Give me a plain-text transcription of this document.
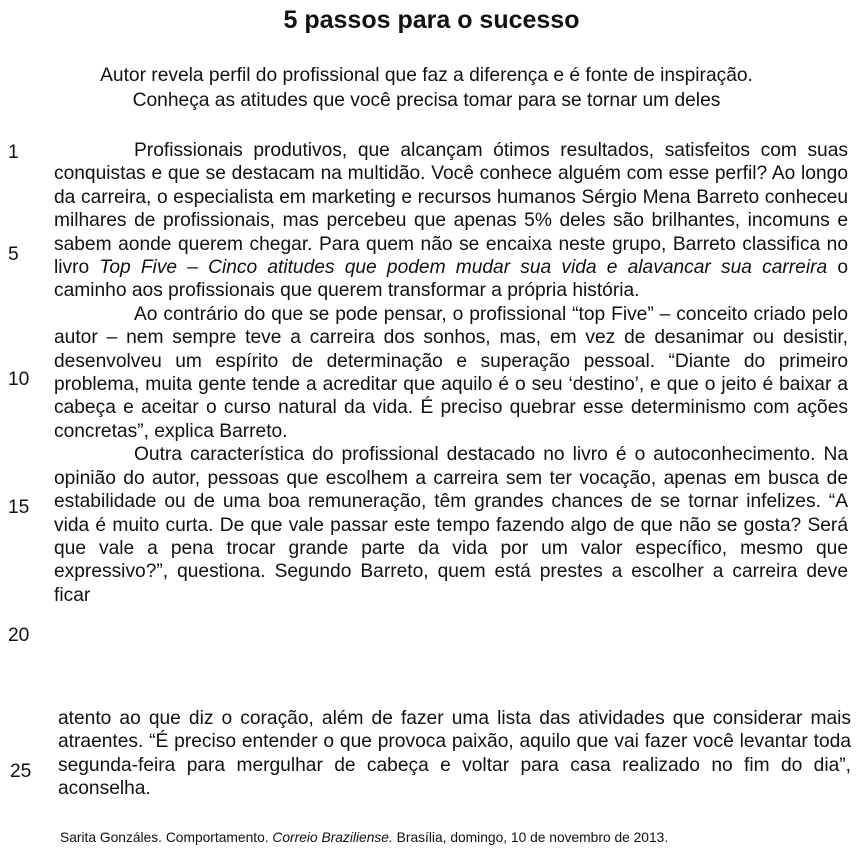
5 passos para o sucesso
Autor revela perfil do profissional que faz a diferença e é fonte de inspiração.
Conheça as atitudes que você precisa tomar para se tornar um deles
1
5
10
15
20
25

Profissionais produtivos, que alcançam ótimos resultados, satisfeitos com suas conquistas e que se destacam na multidão. Você conhece alguém com esse perfil? Ao longo da carreira, o especialista em marketing e recursos humanos Sérgio Mena Barreto conheceu milhares de profissionais, mas percebeu que apenas 5% deles são brilhantes, incomuns e sabem aonde querem chegar. Para quem não se encaixa neste grupo, Barreto classifica no livro Top Five – Cinco atitudes que podem mudar sua vida e alavancar sua carreira o caminho aos profissionais que querem transformar a própria história.

Ao contrário do que se pode pensar, o profissional “top Five” – conceito criado pelo autor – nem sempre teve a carreira dos sonhos, mas, em vez de desanimar ou desistir, desenvolveu um espírito de determinação e superação pessoal. “Diante do primeiro problema, muita gente tende a acreditar que aquilo é o seu ‘destino’, e que o jeito é baixar a cabeça e aceitar o curso natural da vida. É preciso quebrar esse determinismo com ações concretas”, explica Barreto.

Outra característica do profissional destacado no livro é o autoconhecimento. Na opinião do autor, pessoas que escolhem a carreira sem ter vocação, apenas em busca de estabilidade ou de uma boa remuneração, têm grandes chances de se tornar infelizes. “A vida é muito curta. De que vale passar este tempo fazendo algo de que não se gosta? Será que vale a pena trocar grande parte da vida por um valor específico, mesmo que expressivo?”, questiona. Segundo Barreto, quem está prestes a escolher a carreira deve ficar

atento ao que diz o coração, além de fazer uma lista das atividades que considerar mais atraentes. “É preciso entender o que provoca paixão, aquilo que vai fazer você levantar toda segunda-feira para mergulhar de cabeça e voltar para casa realizado no fim do dia”, aconselha.

Sarita Gonzáles. Comportamento. Correio Braziliense. Brasília, domingo, 10 de novembro de 2013.
